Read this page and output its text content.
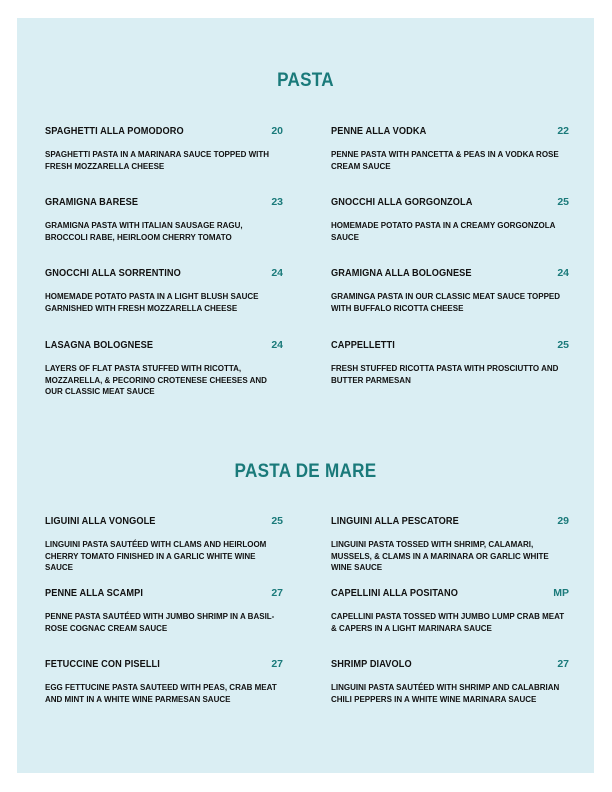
PASTA
SPAGHETTI ALLA POMODORO	20
SPAGHETTI PASTA IN A MARINARA SAUCE TOPPED WITH FRESH MOZZARELLA CHEESE
PENNE ALLA VODKA	22
PENNE PASTA WITH PANCETTA & PEAS IN A VODKA ROSE CREAM SAUCE
GRAMIGNA BARESE	23
GRAMIGNA PASTA WITH ITALIAN SAUSAGE RAGU, BROCCOLI RABE, HEIRLOOM CHERRY TOMATO
GNOCCHI ALLA GORGONZOLA	25
HOMEMADE POTATO PASTA IN A CREAMY GORGONZOLA SAUCE
GNOCCHI ALLA SORRENTINO	24
HOMEMADE POTATO PASTA IN A LIGHT BLUSH SAUCE GARNISHED WITH FRESH MOZZARELLA CHEESE
GRAMIGNA ALLA BOLOGNESE	24
GRAMINGA PASTA IN OUR CLASSIC MEAT SAUCE TOPPED WITH BUFFALO RICOTTA CHEESE
LASAGNA BOLOGNESE	24
LAYERS OF FLAT PASTA STUFFED WITH RICOTTA, MOZZARELLA, & PECORINO CROTENESE CHEESES AND OUR CLASSIC MEAT SAUCE
CAPPELLETTI	25
FRESH STUFFED RICOTTA PASTA WITH PROSCIUTTO AND BUTTER PARMESAN
PASTA DE MARE
LIGUINI ALLA VONGOLE	25
LINGUINI PASTA SAUTÉED WITH CLAMS AND HEIRLOOM CHERRY TOMATO FINISHED IN A GARLIC WHITE WINE SAUCE
LINGUINI ALLA PESCATORE	29
LINGUINI PASTA TOSSED WITH SHRIMP, CALAMARI, MUSSELS, & CLAMS IN A MARINARA OR GARLIC WHITE WINE SAUCE
PENNE ALLA SCAMPI	27
PENNE PASTA SAUTÉED WITH JUMBO SHRIMP IN A BASIL-ROSE COGNAC CREAM SAUCE
CAPELLINI ALLA POSITANO	MP
CAPELLINI PASTA TOSSED WITH JUMBO LUMP CRAB MEAT & CAPERS IN A LIGHT MARINARA SAUCE
FETUCCINE CON PISELLI	27
EGG FETTUCINE PASTA SAUTEED WITH PEAS, CRAB MEAT AND MINT IN A WHITE WINE PARMESAN SAUCE
SHRIMP DIAVOLO	27
LINGUINI PASTA SAUTÉED WITH SHRIMP AND CALABRIAN CHILI PEPPERS IN A WHITE WINE MARINARA SAUCE
